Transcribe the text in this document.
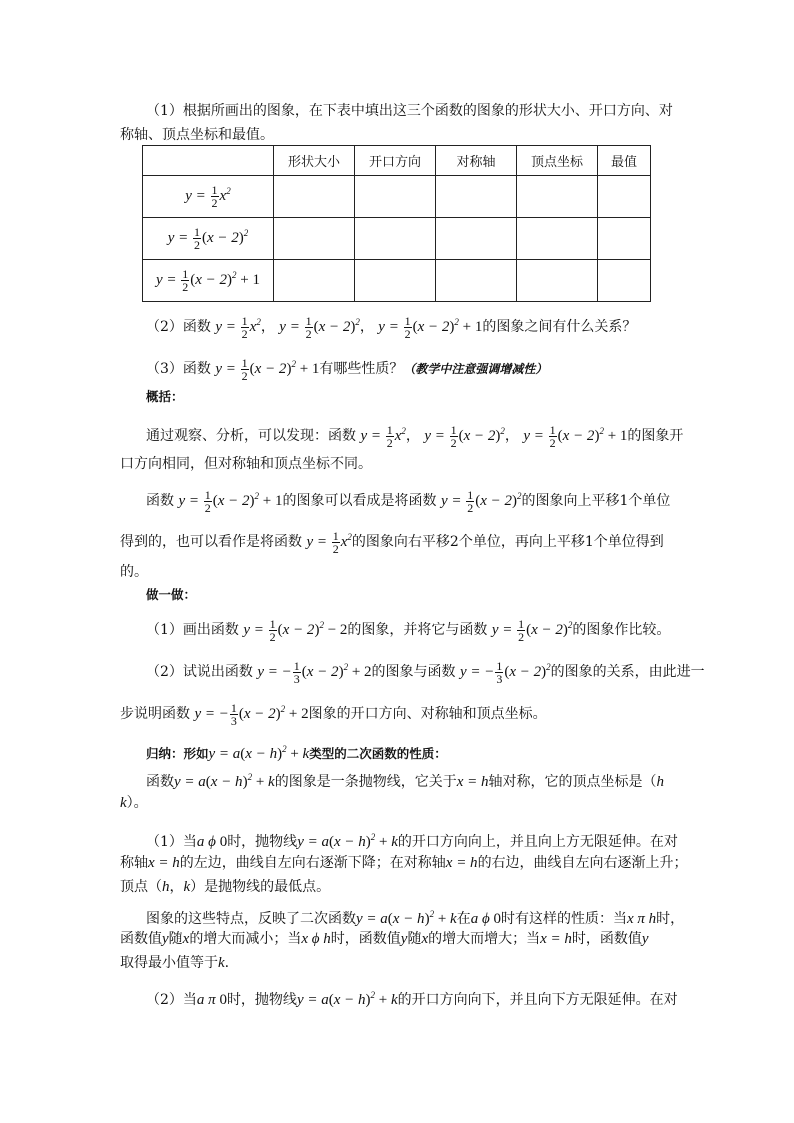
（1）根据所画出的图象，在下表中填出这三个函数的图象的形状大小、开口方向、对
称轴、顶点坐标和最值。
	形状大小	开口方向	对称轴	顶点坐标	最值
$y = \frac{1}{2} x^2$					
$y = \frac{1}{2} (x - 2)^2$					
$y = \frac{1}{2} (x - 2)^2 + 1$					
（2）函数 $y = \frac{1}{2} x^2$， $y = \frac{1}{2} (x - 2)^2$， $y = \frac{1}{2} (x - 2)^2 + 1$的图象之间有什么关系？
（3）函数 $y = \frac{1}{2} (x - 2)^2 + 1$有哪些性质？（教学中注意强调增减性）
概括：
通过观察、分析，可以发现：函数 $y = \frac{1}{2} x^2$， $y = \frac{1}{2} (x - 2)^2$， $y = \frac{1}{2} (x - 2)^2 + 1$的图象开
口方向相同，但对称轴和顶点坐标不同。
函数 $y = \frac{1}{2} (x - 2)^2 + 1$的图象可以看成是将函数 $y = \frac{1}{2} (x - 2)^2$的图象向上平移1个单位
得到的，也可以看作是将函数 $y = \frac{1}{2} x^2$的图象向右平移2个单位，再向上平移1个单位得到
的。
做一做：
（1）画出函数 $y = \frac{1}{2} (x - 2)^2 - 2$的图象，并将它与函数 $y = \frac{1}{2} (x - 2)^2$的图象作比较。
（2）试说出函数 y = − $\frac{1}{3} (x - 2)^2 + 2$的图象与函数 y = − $\frac{1}{3} (x - 2)^2$的图象的关系，由此进一
步说明函数 y = − $\frac{1}{3} (x - 2)^2 + 2$图象的开口方向、对称轴和顶点坐标。
归纳：形如$y = a(x - h)^2 + k$类型的二次函数的性质：
函数$y = a(x - h)^2 + k$的图象是一条抛物线，它关于x = h轴对称，它的顶点坐标是（h
k）。
（1）当a ϕ 0时，抛物线$y = a(x - h)^2 + k$的开口方向向上，并且向上方无限延伸。在对
称轴x = h的左边，曲线自左向右逐渐下降；在对称轴x = h的右边，曲线自左向右逐渐上升；
顶点（h，k）是抛物线的最低点。
图象的这些特点，反映了二次函数$y = a(x - h)^2 + k$在a ϕ 0时有这样的性质：当x π h时，
函数值y随x的增大而减小；当x ϕ h时，函数值y随x的增大而增大；当x = h时，函数值y
取得最小值等于k.
（2）当a π 0时，抛物线$y = a(x - h)^2 + k$的开口方向向下，并且向下方无限延伸。在对
